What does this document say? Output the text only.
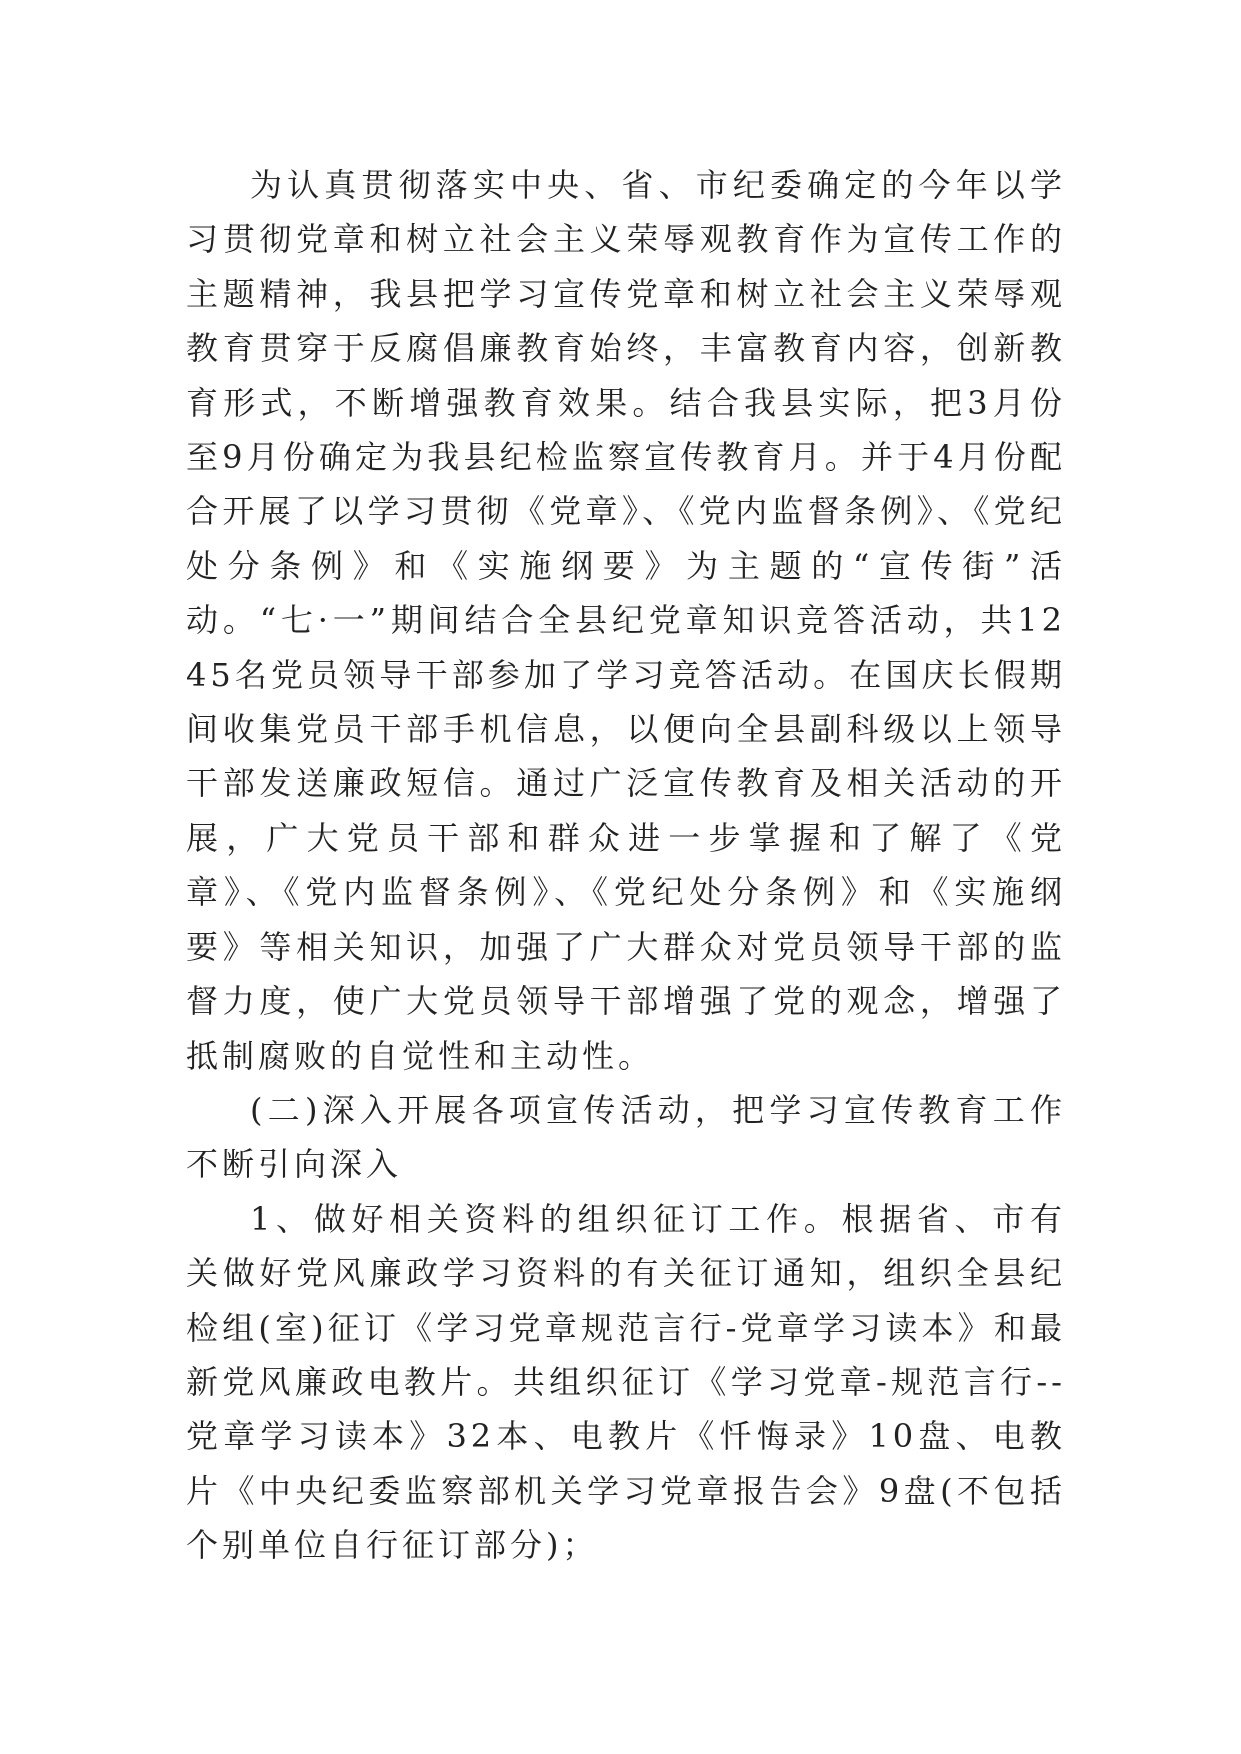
为认真贯彻落实中央、省、市纪委确定的今年以学习贯彻党章和树立社会主义荣辱观教育作为宣传工作的主题精神，我县把学习宣传党章和树立社会主义荣辱观教育贯穿于反腐倡廉教育始终，丰富教育内容，创新教育形式，不断增强教育效果。结合我县实际，把3月份至9月份确定为我县纪检监察宣传教育月。并于4月份配合开展了以学习贯彻《党章》、《党内监督条例》、《党纪处分条例》和《实施纲要》为主题的“宣传街”活动。“七·一”期间结合全县纪党章知识竞答活动，共1245名党员领导干部参加了学习竞答活动。在国庆长假期间收集党员干部手机信息，以便向全县副科级以上领导干部发送廉政短信。通过广泛宣传教育及相关活动的开展，广大党员干部和群众进一步掌握和了解了《党章》、《党内监督条例》、《党纪处分条例》和《实施纲要》等相关知识，加强了广大群众对党员领导干部的监督力度，使广大党员领导干部增强了党的观念，增强了抵制腐败的自觉性和主动性。

(二)深入开展各项宣传活动，把学习宣传教育工作不断引向深入

1、做好相关资料的组织征订工作。根据省、市有关做好党风廉政学习资料的有关征订通知，组织全县纪检组(室)征订《学习党章规范言行-党章学习读本》和最新党风廉政电教片。共组织征订《学习党章-规范言行--党章学习读本》32本、电教片《忏悔录》10盘、电教片《中央纪委监察部机关学习党章报告会》9盘(不包括个别单位自行征订部分)；
